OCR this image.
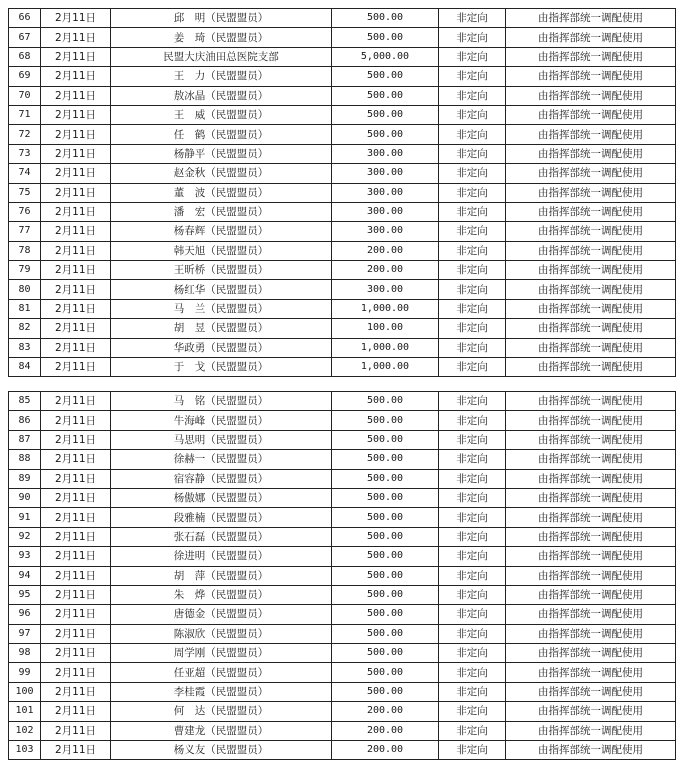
66	2月11日	邱　明（民盟盟员）	500.00	非定向	由指挥部统一调配使用
67	2月11日	姜　琦（民盟盟员）	500.00	非定向	由指挥部统一调配使用
68	2月11日	民盟大庆油田总医院支部	5,000.00	非定向	由指挥部统一调配使用
69	2月11日	王　力（民盟盟员）	500.00	非定向	由指挥部统一调配使用
70	2月11日	敖冰晶（民盟盟员）	500.00	非定向	由指挥部统一调配使用
71	2月11日	王　威（民盟盟员）	500.00	非定向	由指挥部统一调配使用
72	2月11日	任　鹤（民盟盟员）	500.00	非定向	由指挥部统一调配使用
73	2月11日	杨静平（民盟盟员）	300.00	非定向	由指挥部统一调配使用
74	2月11日	赵金秋（民盟盟员）	300.00	非定向	由指挥部统一调配使用
75	2月11日	董　波（民盟盟员）	300.00	非定向	由指挥部统一调配使用
76	2月11日	潘　宏（民盟盟员）	300.00	非定向	由指挥部统一调配使用
77	2月11日	杨春辉（民盟盟员）	300.00	非定向	由指挥部统一调配使用
78	2月11日	韩天旭（民盟盟员）	200.00	非定向	由指挥部统一调配使用
79	2月11日	王昕桥（民盟盟员）	200.00	非定向	由指挥部统一调配使用
80	2月11日	杨红华（民盟盟员）	300.00	非定向	由指挥部统一调配使用
81	2月11日	马　兰（民盟盟员）	1,000.00	非定向	由指挥部统一调配使用
82	2月11日	胡　昱（民盟盟员）	100.00	非定向	由指挥部统一调配使用
83	2月11日	华政勇（民盟盟员）	1,000.00	非定向	由指挥部统一调配使用
84	2月11日	于　戈（民盟盟员）	1,000.00	非定向	由指挥部统一调配使用
85	2月11日	马　铭（民盟盟员）	500.00	非定向	由指挥部统一调配使用
86	2月11日	牛海峰（民盟盟员）	500.00	非定向	由指挥部统一调配使用
87	2月11日	马思明（民盟盟员）	500.00	非定向	由指挥部统一调配使用
88	2月11日	徐赫一（民盟盟员）	500.00	非定向	由指挥部统一调配使用
89	2月11日	宿容静（民盟盟员）	500.00	非定向	由指挥部统一调配使用
90	2月11日	杨傲娜（民盟盟员）	500.00	非定向	由指挥部统一调配使用
91	2月11日	段雅楠（民盟盟员）	500.00	非定向	由指挥部统一调配使用
92	2月11日	张石磊（民盟盟员）	500.00	非定向	由指挥部统一调配使用
93	2月11日	徐进明（民盟盟员）	500.00	非定向	由指挥部统一调配使用
94	2月11日	胡　萍（民盟盟员）	500.00	非定向	由指挥部统一调配使用
95	2月11日	朱　烨（民盟盟员）	500.00	非定向	由指挥部统一调配使用
96	2月11日	唐德金（民盟盟员）	500.00	非定向	由指挥部统一调配使用
97	2月11日	陈淑欣（民盟盟员）	500.00	非定向	由指挥部统一调配使用
98	2月11日	周学刚（民盟盟员）	500.00	非定向	由指挥部统一调配使用
99	2月11日	任亚超（民盟盟员）	500.00	非定向	由指挥部统一调配使用
100	2月11日	李桂霞（民盟盟员）	500.00	非定向	由指挥部统一调配使用
101	2月11日	何　达（民盟盟员）	200.00	非定向	由指挥部统一调配使用
102	2月11日	曹建龙（民盟盟员）	200.00	非定向	由指挥部统一调配使用
103	2月11日	杨义友（民盟盟员）	200.00	非定向	由指挥部统一调配使用
